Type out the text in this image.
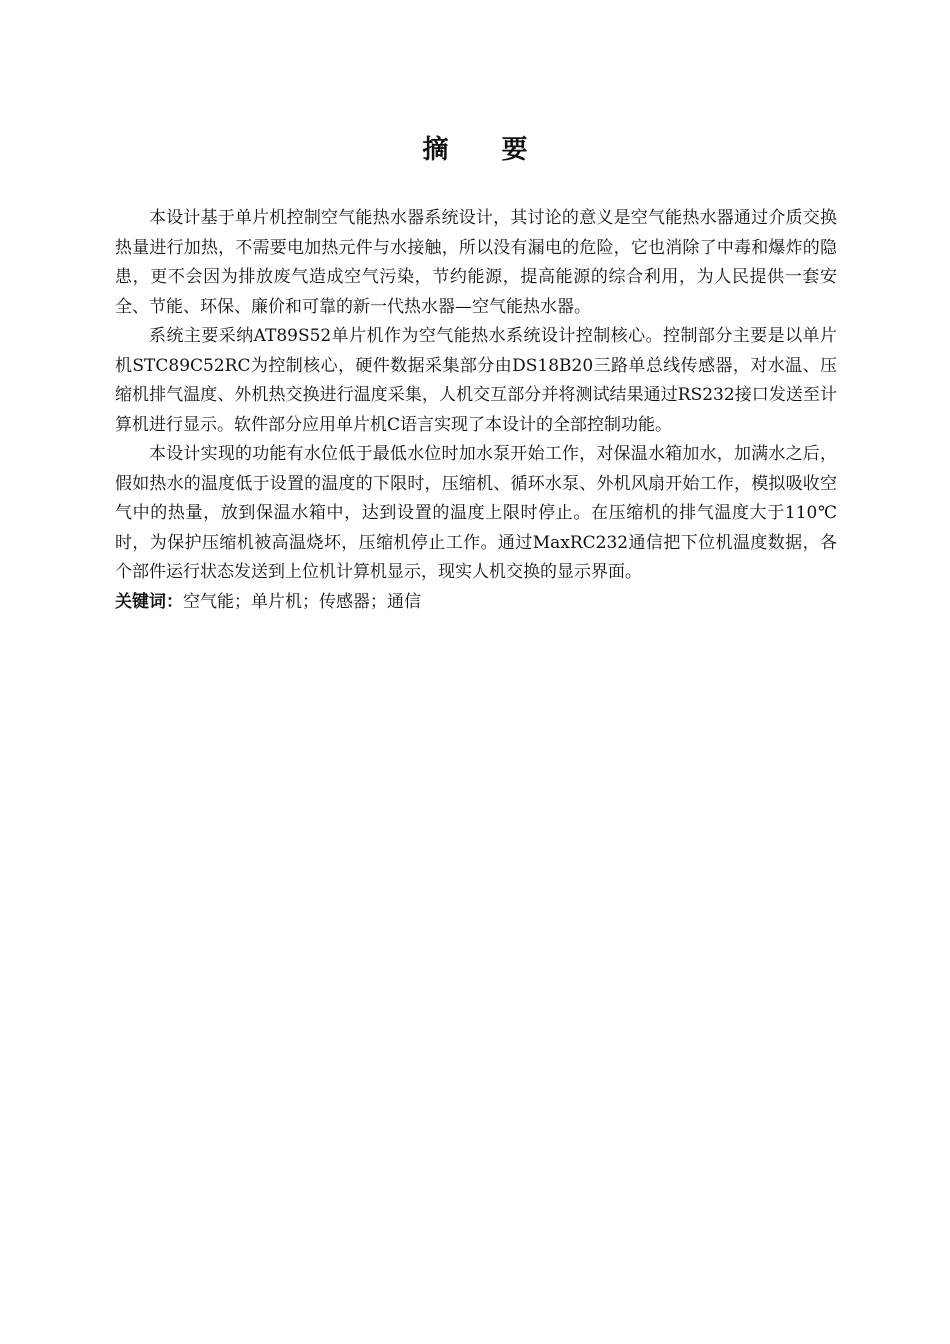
摘 要

本设计基于单片机控制空气能热水器系统设计，其讨论的意义是空气能热水器通过介质交换热量进行加热，不需要电加热元件与水接触，所以没有漏电的危险，它也消除了中毒和爆炸的隐患，更不会因为排放废气造成空气污染，节约能源，提高能源的综合利用，为人民提供一套安全、节能、环保、廉价和可靠的新一代热水器—空气能热水器。

系统主要采纳AT89S52单片机作为空气能热水系统设计控制核心。控制部分主要是以单片机STC89C52RC为控制核心，硬件数据采集部分由DS18B20三路单总线传感器，对水温、压缩机排气温度、外机热交换进行温度采集，人机交互部分并将测试结果通过RS232接口发送至计算机进行显示。软件部分应用单片机C语言实现了本设计的全部控制功能。

本设计实现的功能有水位低于最低水位时加水泵开始工作，对保温水箱加水，加满水之后，假如热水的温度低于设置的温度的下限时，压缩机、循环水泵、外机风扇开始工作，模拟吸收空气中的热量，放到保温水箱中，达到设置的温度上限时停止。在压缩机的排气温度大于110℃时，为保护压缩机被高温烧坏，压缩机停止工作。通过MaxRC232通信把下位机温度数据，各个部件运行状态发送到上位机计算机显示，现实人机交换的显示界面。

关键词：空气能；单片机；传感器；通信
